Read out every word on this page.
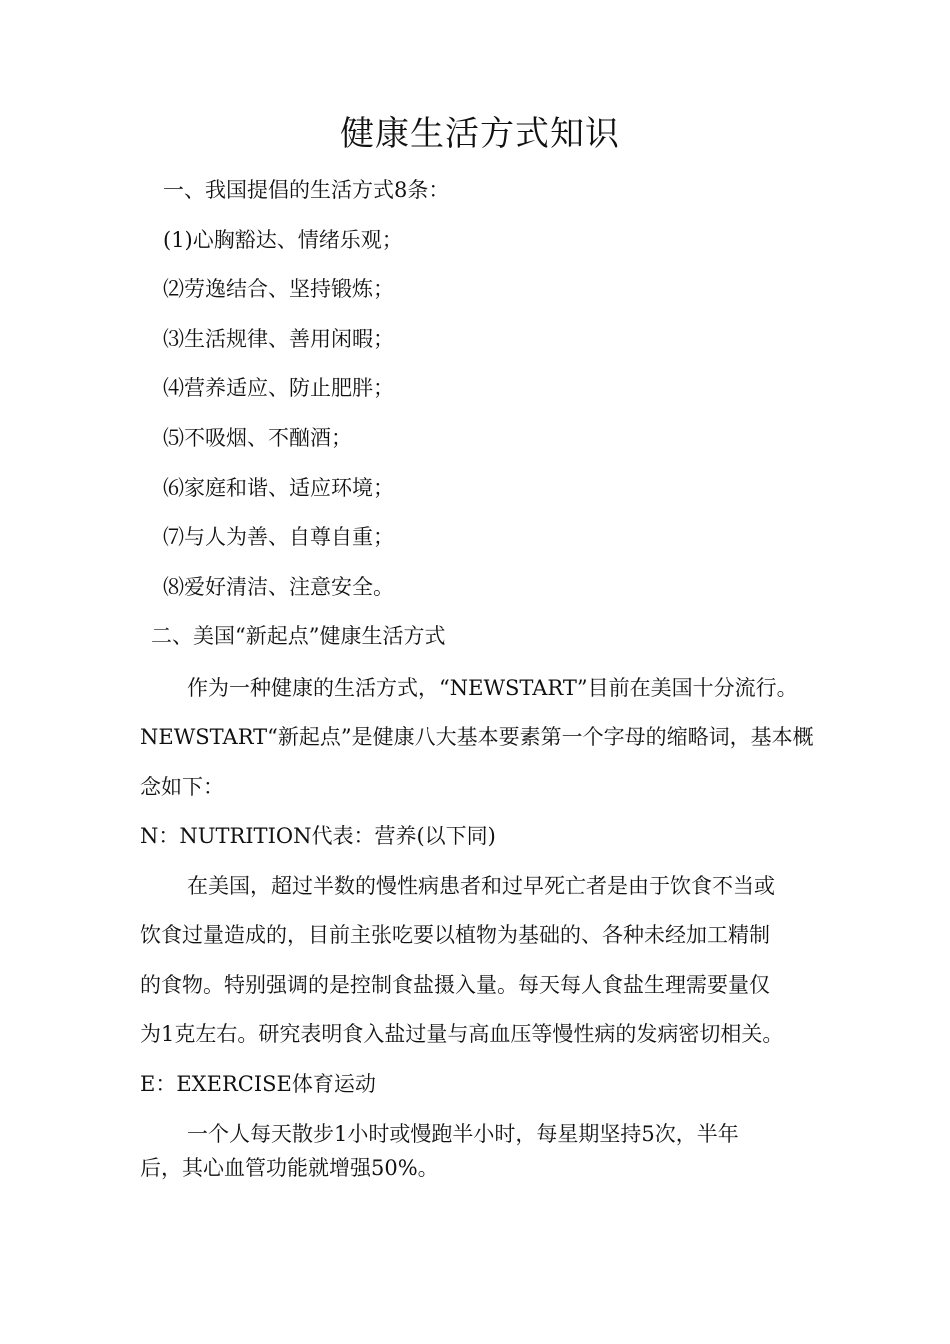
健康生活方式知识
一、我国提倡的生活方式8条：
(1)心胸豁达、情绪乐观；
⑵劳逸结合、坚持锻炼；
⑶生活规律、善用闲暇；
⑷营养适应、防止肥胖；
⑸不吸烟、不酗酒；
⑹家庭和谐、适应环境；
⑺与人为善、自尊自重；
⑻爱好清洁、注意安全。
二、美国“新起点”健康生活方式
作为一种健康的生活方式，“NEWSTART”目前在美国十分流行。
NEWSTART“新起点”是健康八大基本要素第一个字母的缩略词，基本概
念如下：
N：NUTRITION代表：营养(以下同)
在美国，超过半数的慢性病患者和过早死亡者是由于饮食不当或
饮食过量造成的，目前主张吃要以植物为基础的、各种未经加工精制
的食物。特别强调的是控制食盐摄入量。每天每人食盐生理需要量仅
为1克左右。研究表明食入盐过量与高血压等慢性病的发病密切相关。
E：EXERCISE体育运动
一个人每天散步1小时或慢跑半小时，每星期坚持5次，半年
后，其心血管功能就增强50%。
